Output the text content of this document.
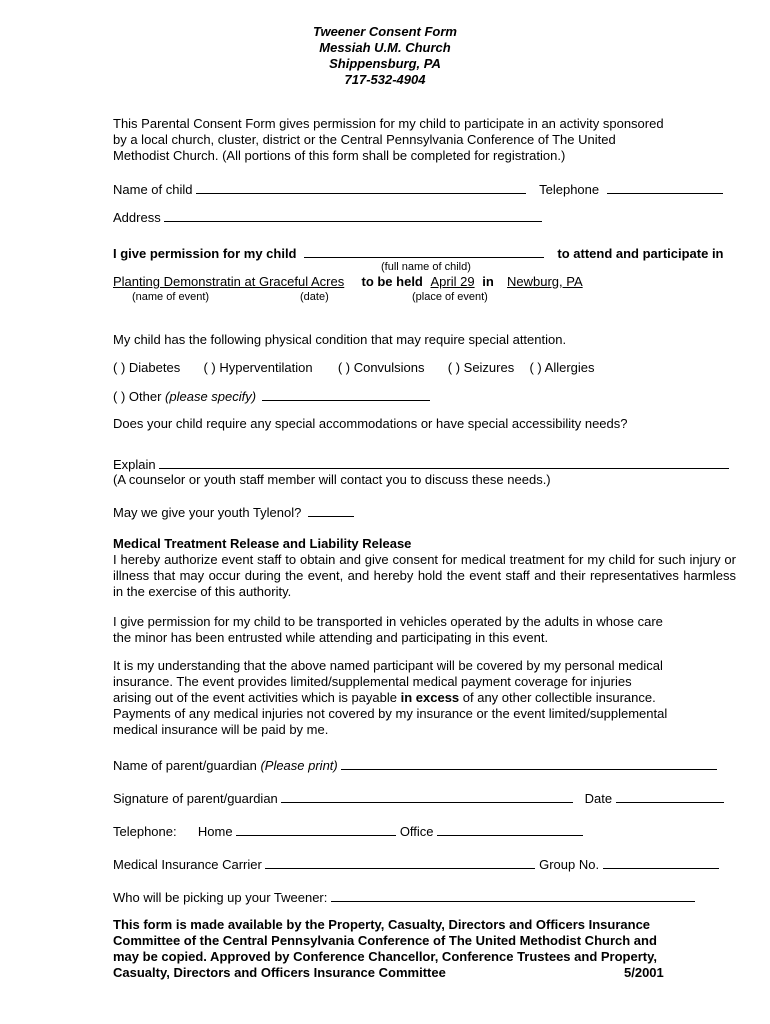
Tweener Consent Form
Messiah U.M. Church
Shippensburg, PA
717-532-4904
This Parental Consent Form gives permission for my child to participate in an activity sponsored
by a local church, cluster, district or the Central Pennsylvania Conference of The United
Methodist Church. (All portions of this form shall be completed for registration.)
Name of child	Telephone
Address
I give permission for my child	to attend and participate in
(full name of child)
Planting Demonstratin at Graceful Acres to be held April 29 in Newburg, PA
(name of event)	(date)	(place of event)
My child has the following physical condition that may require special attention.
( ) Diabetes ( ) Hyperventilation ( ) Convulsions ( ) Seizures ( ) Allergies
( ) Other (please specify)
Does your child require any special accommodations or have special accessibility needs?
Explain
(A counselor or youth staff member will contact you to discuss these needs.)
May we give your youth Tylenol?
Medical Treatment Release and Liability Release
I hereby authorize event staff to obtain and give consent for medical treatment for my child for such injury or illness that may occur during the event, and hereby hold the event staff and their representatives harmless in the exercise of this authority.
I give permission for my child to be transported in vehicles operated by the adults in whose care
the minor has been entrusted while attending and participating in this event.
It is my understanding that the above named participant will be covered by my personal medical
insurance. The event provides limited/supplemental medical payment coverage for injuries
arising out of the event activities which is payable in excess of any other collectible insurance.
Payments of any medical injuries not covered by my insurance or the event limited/supplemental
medical insurance will be paid by me.
Name of parent/guardian (Please print)
Signature of parent/guardian	Date
Telephone: Home	Office
Medical Insurance Carrier	Group No.
Who will be picking up your Tweener:
This form is made available by the Property, Casualty, Directors and Officers Insurance
Committee of the Central Pennsylvania Conference of The United Methodist Church and
may be copied. Approved by Conference Chancellor, Conference Trustees and Property,
Casualty, Directors and Officers Insurance Committee	5/2001
